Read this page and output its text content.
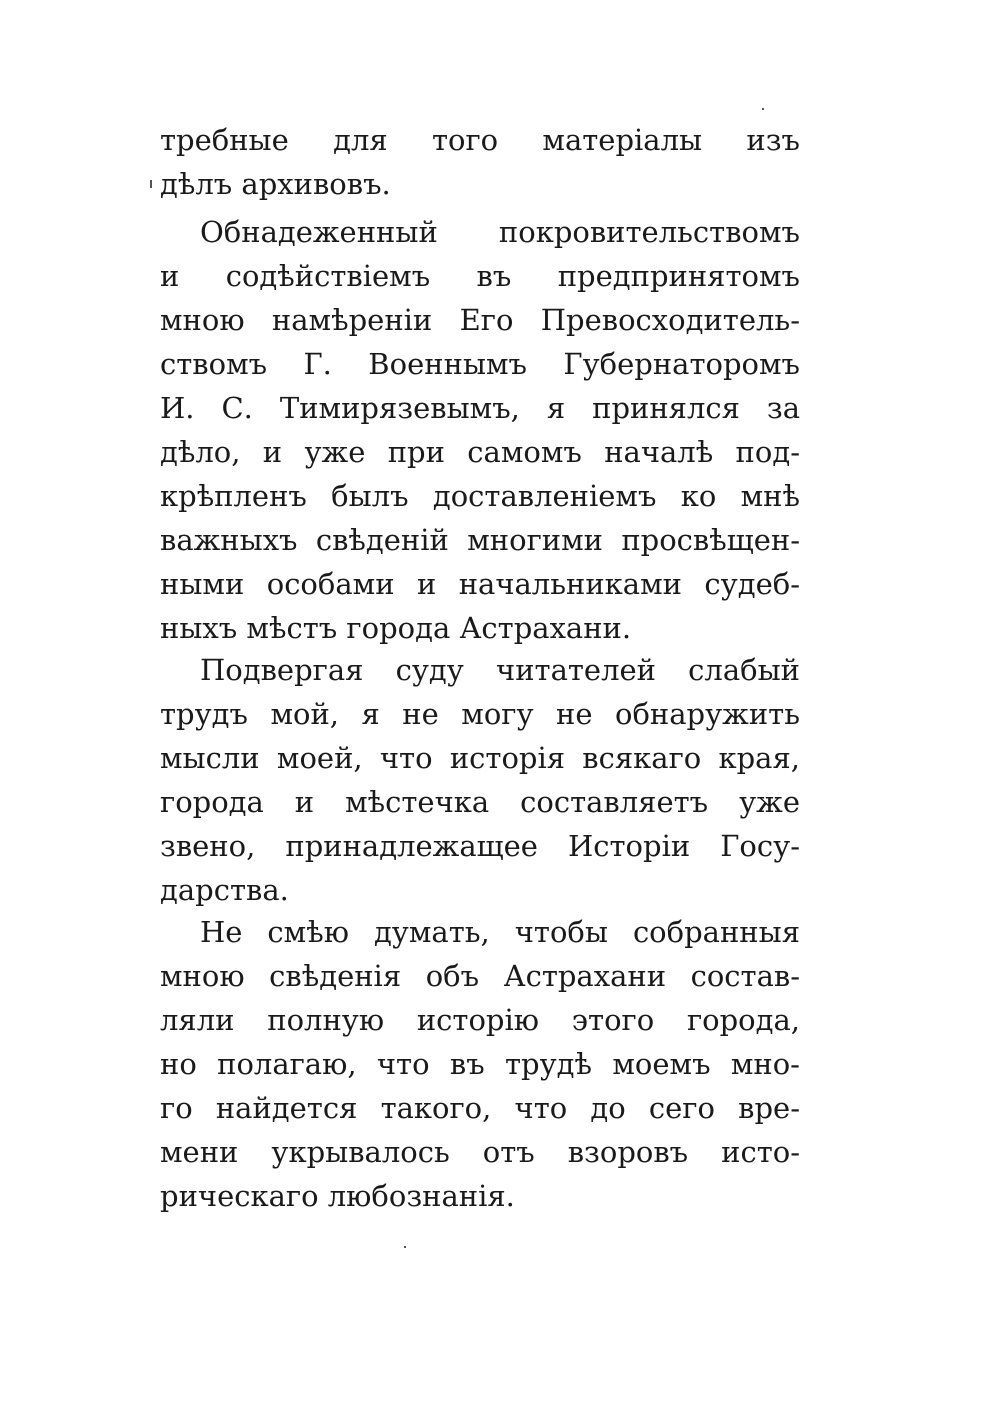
требные для того матеріалы изъ
дѣлъ архивовъ.
Обнадеженный покровительствомъ
и содѣйствіемъ въ предпринятомъ
мною намѣреніи Его Превосходитель-
ствомъ Г. Военнымъ Губернаторомъ
И. С. Тимирязевымъ, я принялся за
дѣло, и уже при самомъ началѣ под-
крѣпленъ былъ доставленіемъ ко мнѣ
важныхъ свѣденій многими просвѣщен-
ными особами и начальниками судеб-
ныхъ мѣстъ города Астрахани.
Подвергая суду читателей слабый
трудъ мой, я не могу не обнаружить
мысли моей, что исторія всякаго края,
города и мѣстечка составляетъ уже
звено, принадлежащее Исторіи Госу-
дарства.
Не смѣю думать, чтобы собранныя
мною свѣденія объ Астрахани состав-
ляли полную исторію этого города,
но полагаю, что въ трудѣ моемъ мно-
го найдется такого, что до сего вре-
мени укрывалось отъ взоровъ исто-
рическаго любознанія.
